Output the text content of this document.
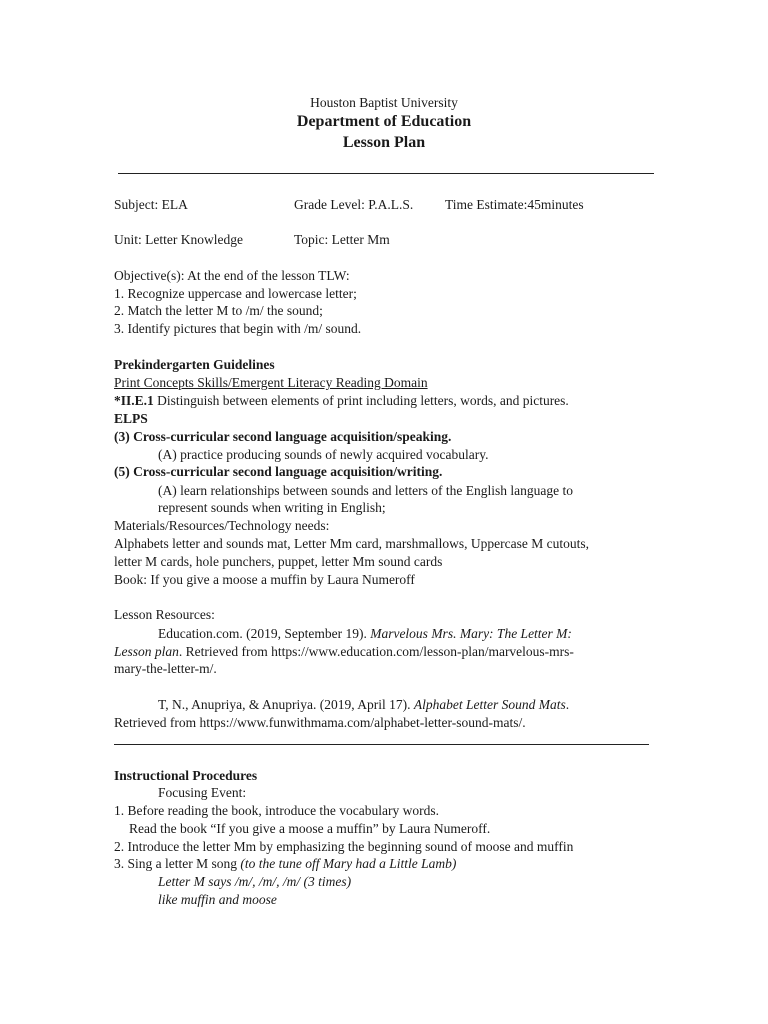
Houston Baptist University
Department of Education
Lesson Plan
Subject: ELA	Grade Level: P.A.L.S. Time Estimate:45minutes
Unit: Letter Knowledge	Topic: Letter Mm
Objective(s): At the end of the lesson TLW:
1. Recognize uppercase and lowercase letter;
2. Match the letter M to /m/ the sound;
3. Identify pictures that begin with /m/ sound.
Prekindergarten Guidelines
Print Concepts Skills/Emergent Literacy Reading Domain
*II.E.1 Distinguish between elements of print including letters, words, and pictures.
ELPS
(3) Cross-curricular second language acquisition/speaking.
(A) practice producing sounds of newly acquired vocabulary.
(5) Cross-curricular second language acquisition/writing.
(A) learn relationships between sounds and letters of the English language to
represent sounds when writing in English;
Materials/Resources/Technology needs:
Alphabets letter and sounds mat, Letter Mm card, marshmallows, Uppercase M cutouts,
letter M cards, hole punchers, puppet, letter Mm sound cards
Book: If you give a moose a muffin by Laura Numeroff
Lesson Resources:
Education.com. (2019, September 19). Marvelous Mrs. Mary: The Letter M:
Lesson plan. Retrieved from https://www.education.com/lesson-plan/marvelous-mrs-
mary-the-letter-m/.
T, N., Anupriya, & Anupriya. (2019, April 17). Alphabet Letter Sound Mats.
Retrieved from https://www.funwithmama.com/alphabet-letter-sound-mats/.
Instructional Procedures
Focusing Event:
1. Before reading the book, introduce the vocabulary words.
Read the book “If you give a moose a muffin” by Laura Numeroff.
2. Introduce the letter Mm by emphasizing the beginning sound of moose and muffin
3. Sing a letter M song (to the tune off Mary had a Little Lamb)
Letter M says /m/, /m/, /m/ (3 times)
like muffin and moose
